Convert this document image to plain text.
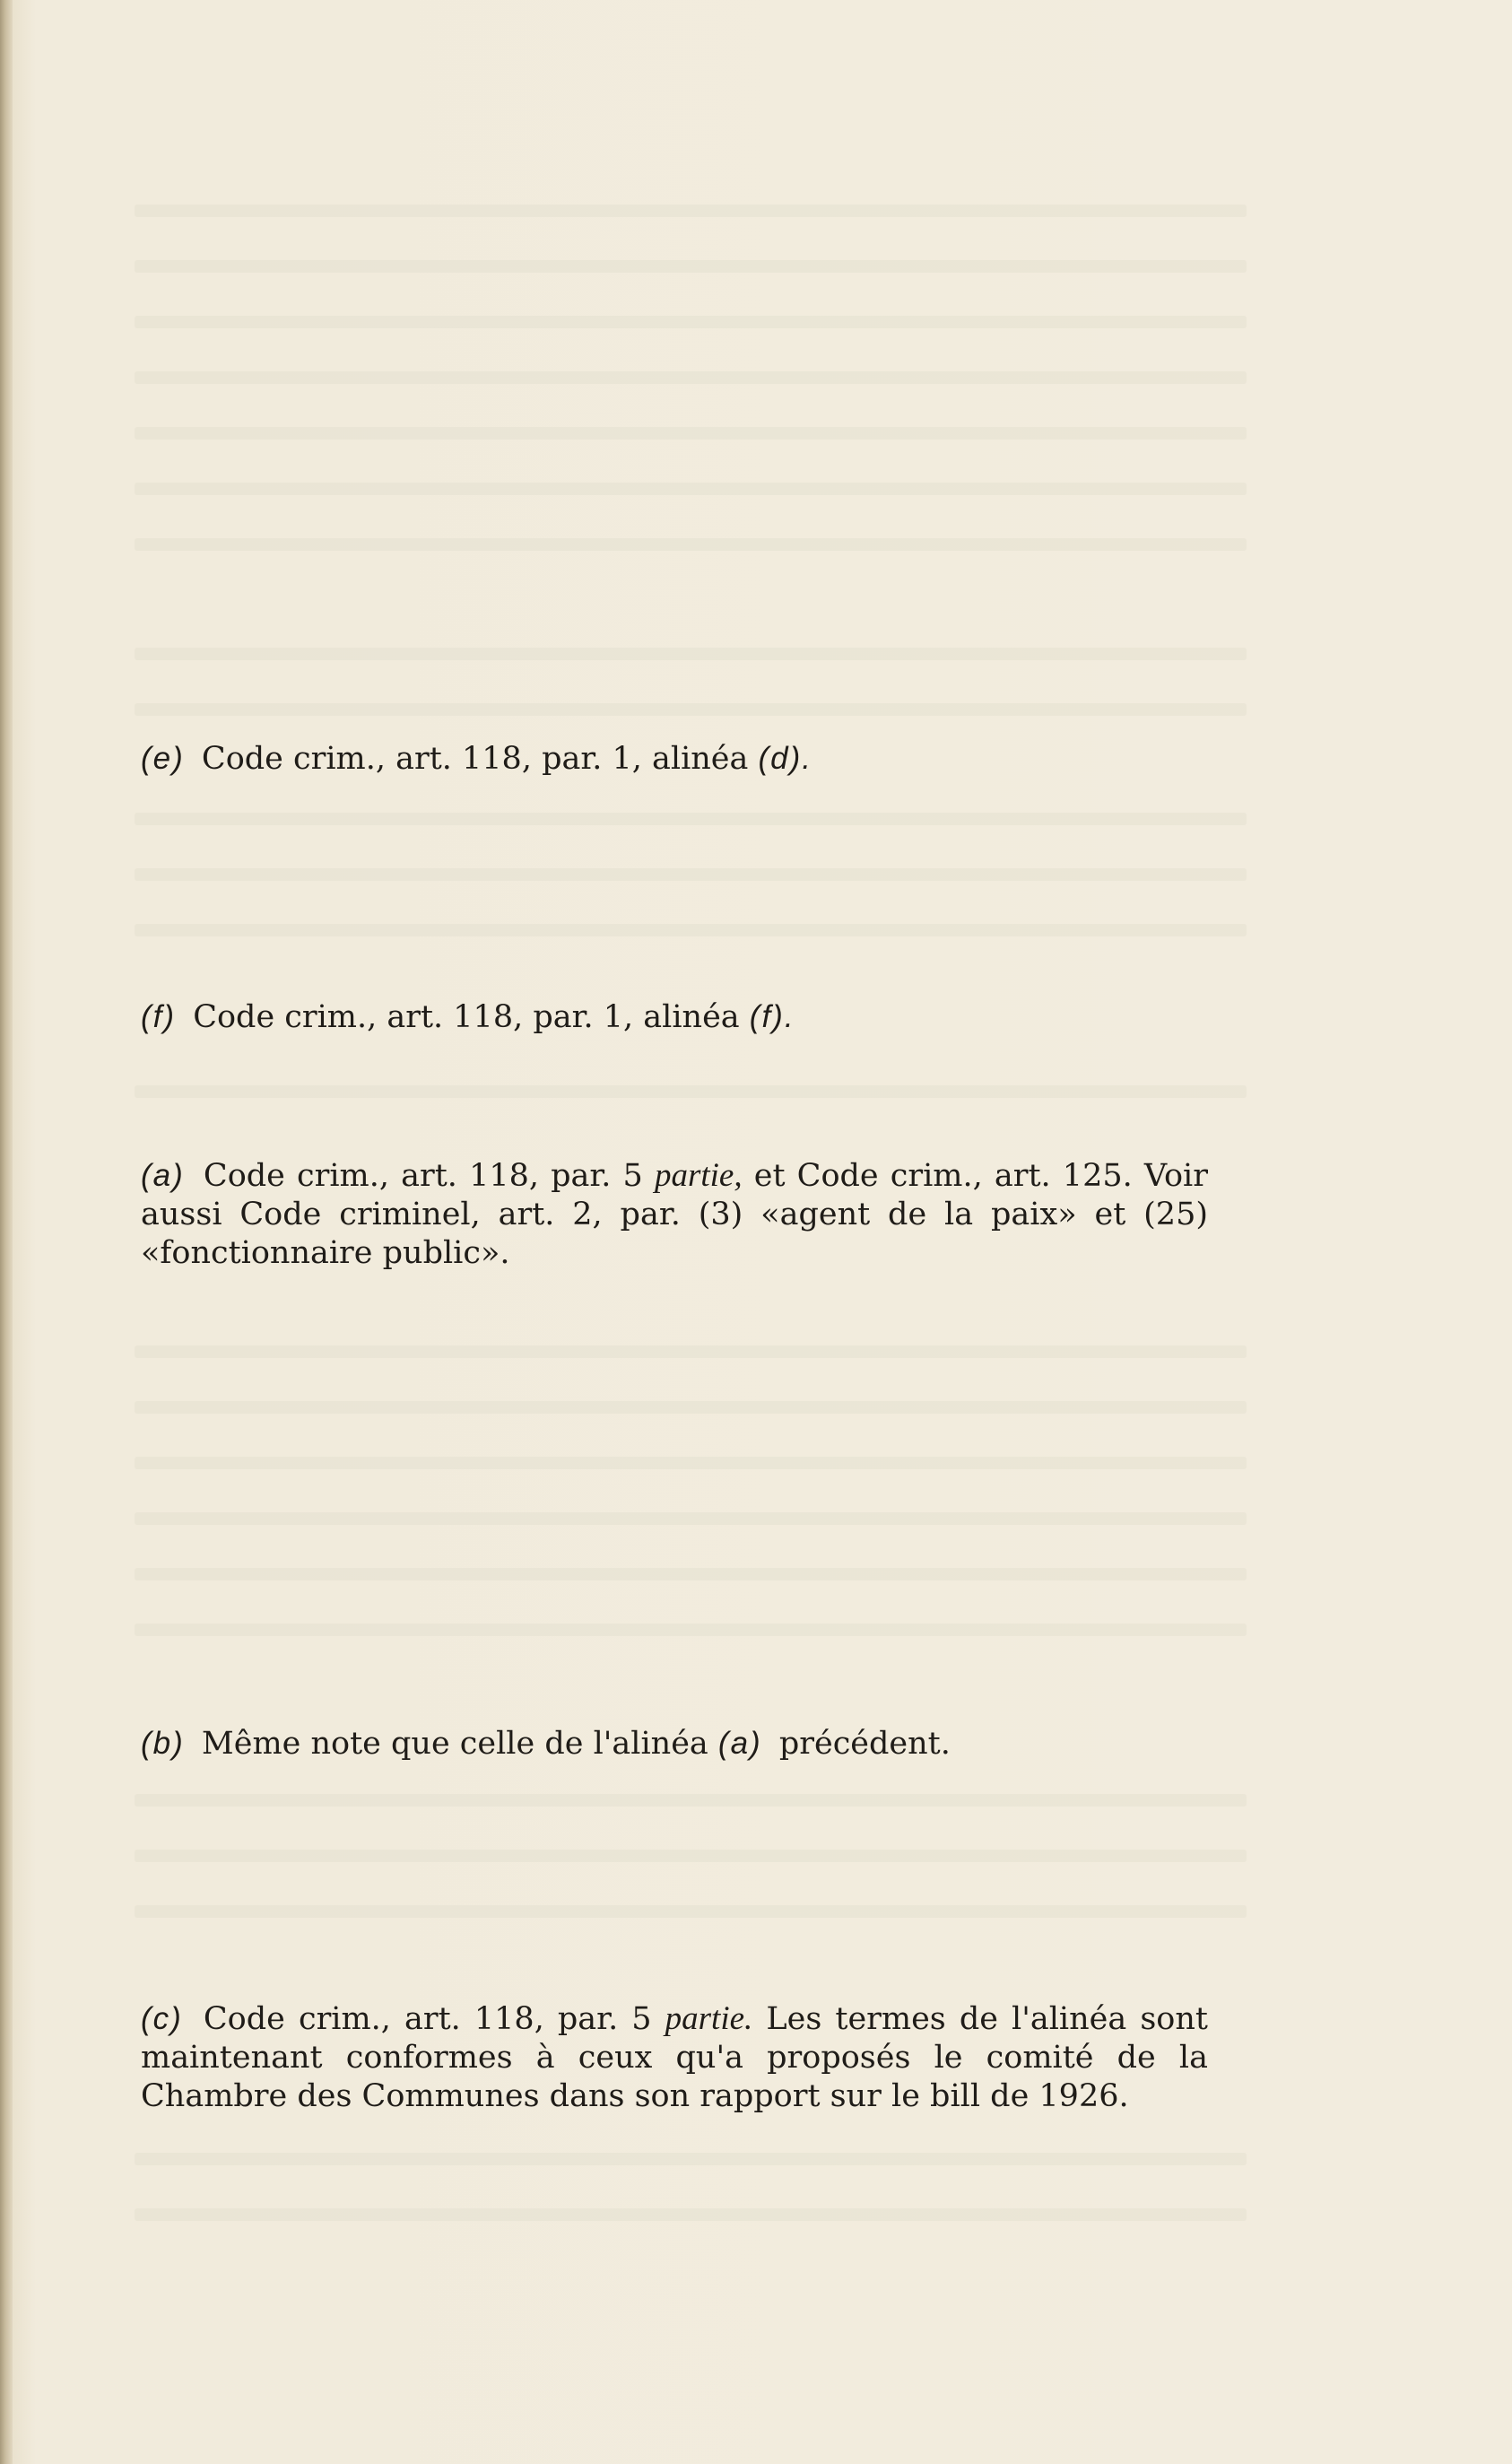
(e) Code crim., art. 118, par. 1, alinéa (d).

(f) Code crim., art. 118, par. 1, alinéa (f).

(a) Code crim., art. 118, par. 5 partie, et Code crim., art. 125. Voir aussi Code criminel, art. 2, par. (3) «agent de la paix» et (25) «fonctionnaire public».

(b) Même note que celle de l'alinéa (a) précédent.

(c) Code crim., art. 118, par. 5 partie. Les termes de l'alinéa sont maintenant conformes à ceux qu'a proposés le comité de la Chambre des Communes dans son rapport sur le bill de 1926.
